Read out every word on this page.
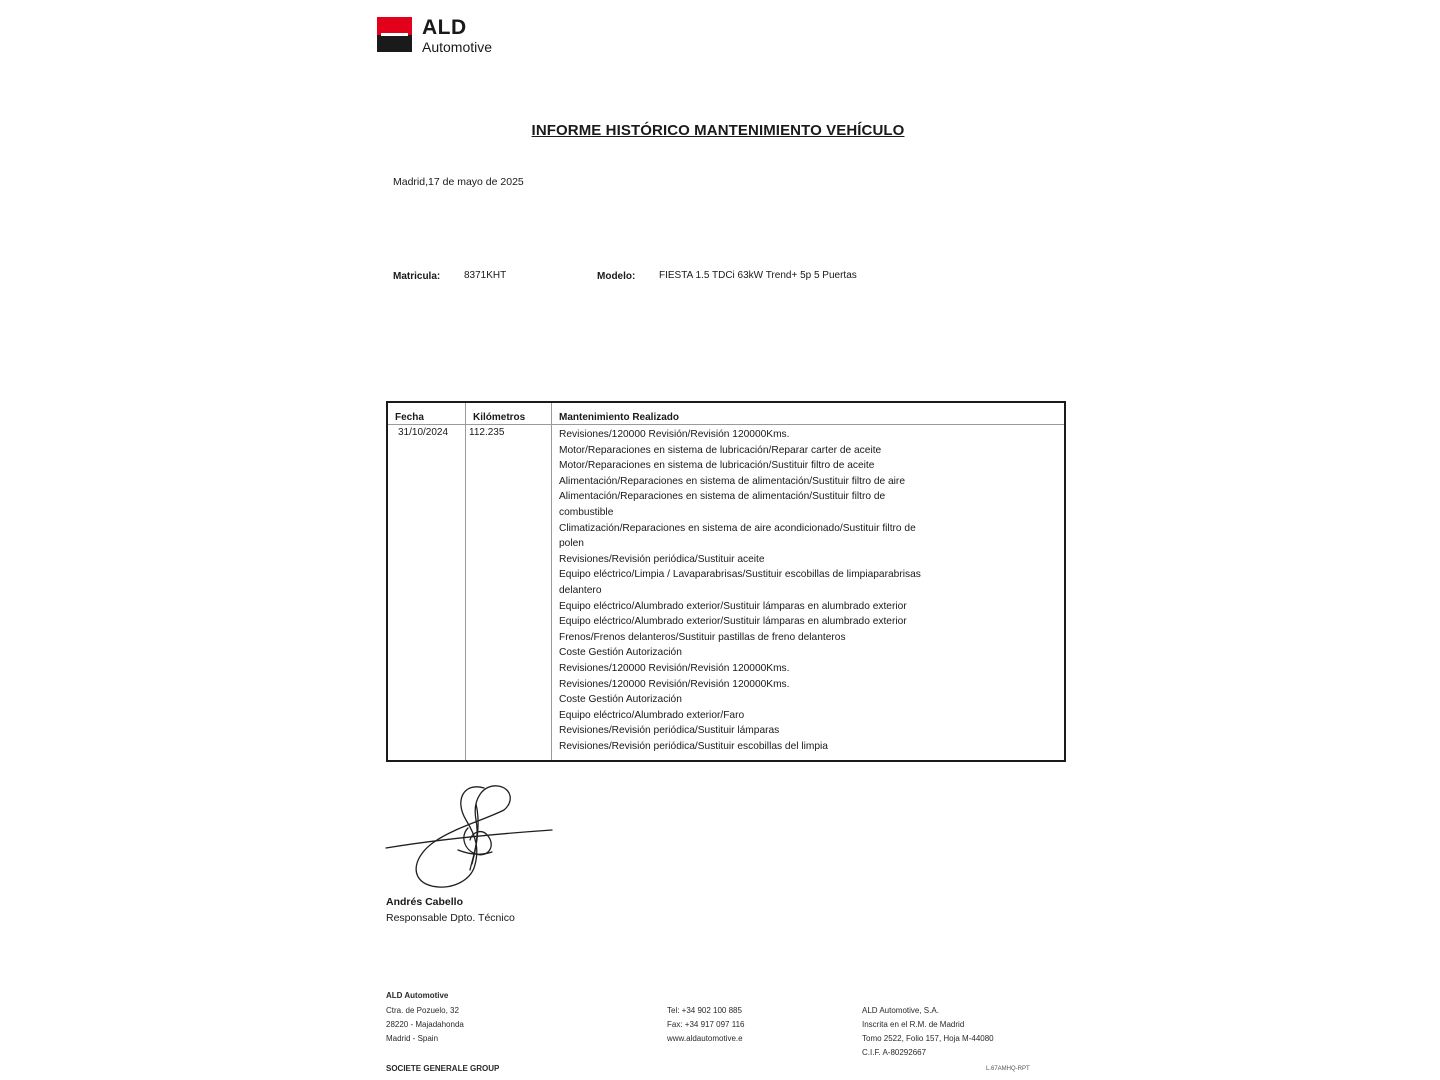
ALD
Automotive
INFORME HISTÓRICO MANTENIMIENTO VEHÍCULO
Madrid,17 de mayo de 2025
Matricula: 8371KHT	Modelo: FIESTA 1.5 TDCi 63kW Trend+ 5p 5 Puertas
Fecha	Kilómetros	Mantenimiento Realizado
31/10/2024 112.235	Revisiones/120000 Revisión/Revisión 120000Kms.
Motor/Reparaciones en sistema de lubricación/Reparar carter de aceite
Motor/Reparaciones en sistema de lubricación/Sustituir filtro de aceite
Alimentación/Reparaciones en sistema de alimentación/Sustituir filtro de aire
Alimentación/Reparaciones en sistema de alimentación/Sustituir filtro de
combustible
Climatización/Reparaciones en sistema de aire acondicionado/Sustituir filtro de
polen
Revisiones/Revisión periódica/Sustituir aceite
Equipo eléctrico/Limpia / Lavaparabrisas/Sustituir escobillas de limpiaparabrisas
delantero
Equipo eléctrico/Alumbrado exterior/Sustituir lámparas en alumbrado exterior
Equipo eléctrico/Alumbrado exterior/Sustituir lámparas en alumbrado exterior
Frenos/Frenos delanteros/Sustituir pastillas de freno delanteros
Coste Gestión Autorización
Revisiones/120000 Revisión/Revisión 120000Kms.
Revisiones/120000 Revisión/Revisión 120000Kms.
Coste Gestión Autorización
Equipo eléctrico/Alumbrado exterior/Faro
Revisiones/Revisión periódica/Sustituir lámparas
Revisiones/Revisión periódica/Sustituir escobillas del limpia
Andrés Cabello
Responsable Dpto. Técnico
ALD Automotive
Ctra. de Pozuelo, 32
28220 - Majadahonda
Madrid - Spain
SOCIETE GENERALE GROUP
Tel: +34 902 100 885
Fax: +34 917 097 116
www.aldautomotive.e
ALD Automotive, S.A.
Inscrita en el R.M. de Madrid
Tomo 2522, Folio 157, Hoja M-44080
C.I.F. A-80292667
L.67AMHQ-RPT
